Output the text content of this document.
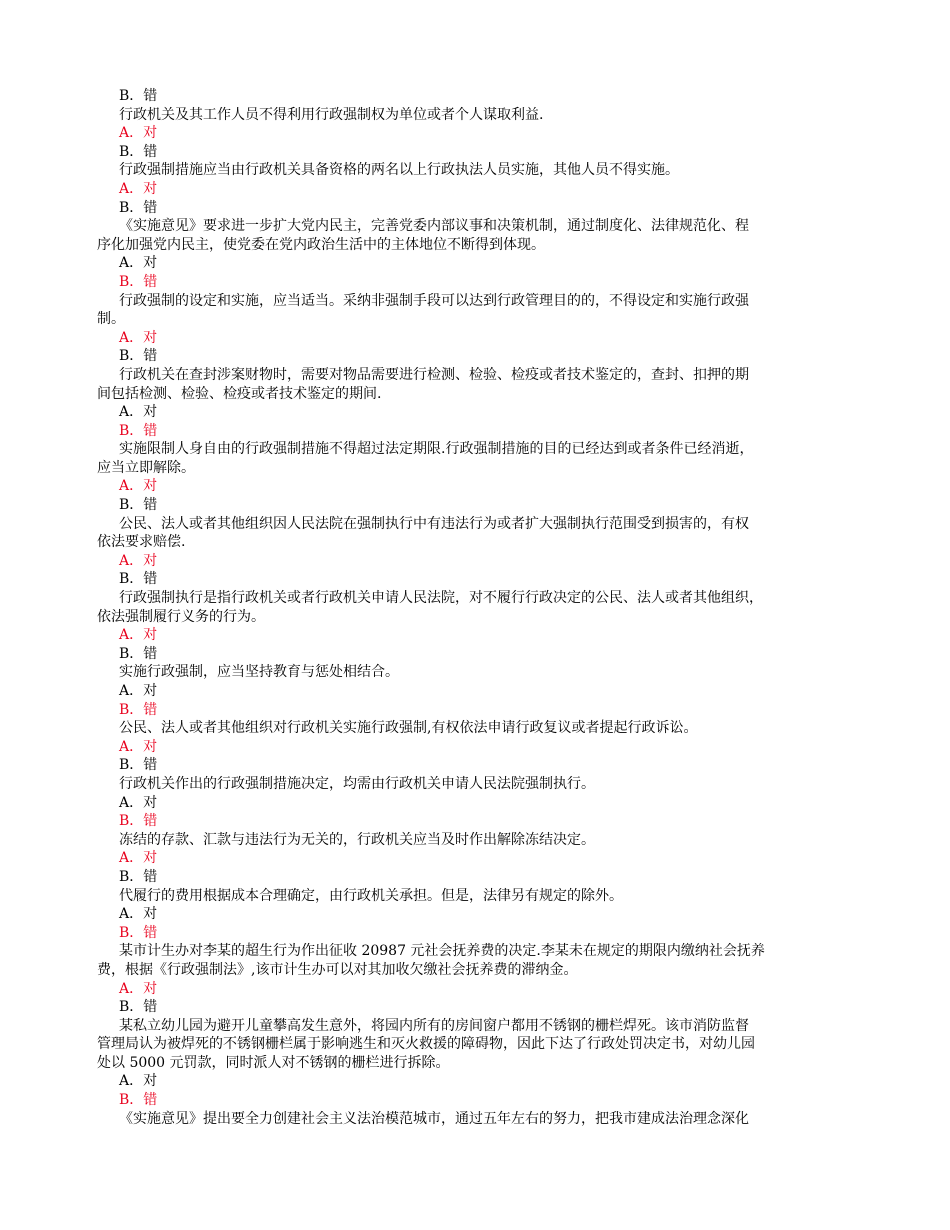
B．错
行政机关及其工作人员不得利用行政强制权为单位或者个人谋取利益.
A．对
B．错
行政强制措施应当由行政机关具备资格的两名以上行政执法人员实施，其他人员不得实施。
A．对
B．错
《实施意见》要求进一步扩大党内民主，完善党委内部议事和决策机制，通过制度化、法律规范化、程
序化加强党内民主，使党委在党内政治生活中的主体地位不断得到体现。
A．对
B．错
行政强制的设定和实施，应当适当。采纳非强制手段可以达到行政管理目的的，不得设定和实施行政强
制。
A．对
B．错
行政机关在查封涉案财物时，需要对物品需要进行检测、检验、检疫或者技术鉴定的，查封、扣押的期
间包括检测、检验、检疫或者技术鉴定的期间.
A．对
B．错
实施限制人身自由的行政强制措施不得超过法定期限.行政强制措施的目的已经达到或者条件已经消逝，
应当立即解除。
A．对
B．错
公民、法人或者其他组织因人民法院在强制执行中有违法行为或者扩大强制执行范围受到损害的，有权
依法要求赔偿.
A．对
B．错
行政强制执行是指行政机关或者行政机关申请人民法院，对不履行行政决定的公民、法人或者其他组织，
依法强制履行义务的行为。
A．对
B．错
实施行政强制，应当坚持教育与惩处相结合。
A．对
B．错
公民、法人或者其他组织对行政机关实施行政强制,有权依法申请行政复议或者提起行政诉讼。
A．对
B．错
行政机关作出的行政强制措施决定，均需由行政机关申请人民法院强制执行。
A．对
B．错
冻结的存款、汇款与违法行为无关的，行政机关应当及时作出解除冻结决定。
A．对
B．错
代履行的费用根据成本合理确定，由行政机关承担。但是，法律另有规定的除外。
A．对
B．错
某市计生办对李某的超生行为作出征收 20987 元社会抚养费的决定.李某未在规定的期限内缴纳社会抚养
费，根据《行政强制法》,该市计生办可以对其加收欠缴社会抚养费的滞纳金。
A．对
B．错
某私立幼儿园为避开儿童攀高发生意外，将园内所有的房间窗户都用不锈钢的栅栏焊死。该市消防监督
管理局认为被焊死的不锈钢栅栏属于影响逃生和灭火救援的障碍物，因此下达了行政处罚决定书，对幼儿园
处以 5000 元罚款，同时派人对不锈钢的栅栏进行拆除。
A．对
B．错
《实施意见》提出要全力创建社会主义法治模范城市，通过五年左右的努力，把我市建成法治理念深化
